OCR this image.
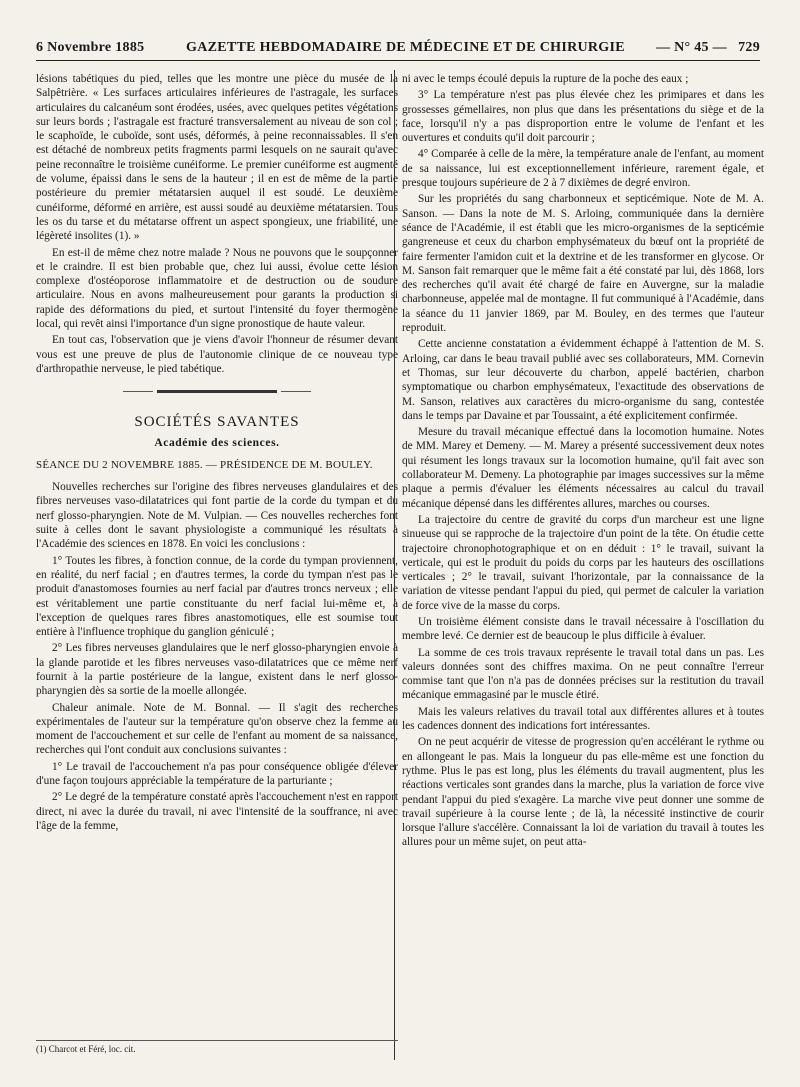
6 Novembre 1885	GAZETTE HEBDOMADAIRE DE MÉDECINE ET DE CHIRURGIE — N° 45 — 729

lésions tabétiques du pied, telles que les montre une pièce du musée de la Salpêtrière. « Les surfaces articulaires inférieures de l'astragale, les surfaces articulaires du calcanéum sont érodées, usées, avec quelques petites végétations sur leurs bords ; l'astragale est fracturé transversalement au niveau de son col ; le scaphoïde, le cuboïde, sont usés, déformés, à peine reconnaissables. Il s'en est détaché de nombreux petits fragments parmi lesquels on ne saurait qu'avec peine reconnaître le troisième cunéiforme. Le premier cunéiforme est augmenté de volume, épaissi dans le sens de la hauteur ; il en est de même de la partie postérieure du premier métatarsien auquel il est soudé. Le deuxième cunéiforme, déformé en arrière, est aussi soudé au deuxième métatarsien. Tous les os du tarse et du métatarse offrent un aspect spongieux, une friabilité, une légèreté insolites (1). »

En est-il de même chez notre malade ? Nous ne pouvons que le soupçonner et le craindre. Il est bien probable que, chez lui aussi, évolue cette lésion complexe d'ostéoporose inflammatoire et de destruction ou de soudure articulaire. Nous en avons malheureusement pour garants la production si rapide des déformations du pied, et surtout l'intensité du foyer thermogène local, qui revêt ainsi l'importance d'un signe pronostique de haute valeur.

En tout cas, l'observation que je viens d'avoir l'honneur de résumer devant vous est une preuve de plus de l'autonomie clinique de ce nouveau type d'arthropathie nerveuse, le pied tabétique.

SOCIÉTÉS SAVANTES
Académie des sciences.

SÉANCE DU 2 NOVEMBRE 1885. — PRÉSIDENCE DE M. BOULEY.

Nouvelles recherches sur l'origine des fibres nerveuses glandulaires et des fibres nerveuses vaso-dilatatrices qui font partie de la corde du tympan et du nerf glosso-pharyngien. Note de M. Vulpian. — Ces nouvelles recherches font suite à celles dont le savant physiologiste a communiqué les résultats à l'Académie des sciences en 1878. En voici les conclusions :

1° Toutes les fibres, à fonction connue, de la corde du tympan proviennent, en réalité, du nerf facial ; en d'autres termes, la corde du tympan n'est pas le produit d'anastomoses fournies au nerf facial par d'autres troncs nerveux ; elle est véritablement une partie constituante du nerf facial lui-même et, à l'exception de quelques rares fibres anastomotiques, elle est soumise tout entière à l'influence trophique du ganglion géniculé ;

2° Les fibres nerveuses glandulaires que le nerf glosso-pharyngien envoie à la glande parotide et les fibres nerveuses vaso-dilatatrices que ce même nerf fournit à la partie postérieure de la langue, existent dans le nerf glosso-pharyngien dès sa sortie de la moelle allongée.

Chaleur animale. Note de M. Bonnal. — Il s'agit des recherches expérimentales de l'auteur sur la température qu'on observe chez la femme au moment de l'accouchement et sur celle de l'enfant au moment de sa naissance, recherches qui l'ont conduit aux conclusions suivantes :

1° Le travail de l'accouchement n'a pas pour conséquence obligée d'élever d'une façon toujours appréciable la température de la parturiante ;

2° Le degré de la température constaté après l'accouchement n'est en rapport direct, ni avec la durée du travail, ni avec l'intensité de la souffrance, ni avec l'âge de la femme,

ni avec le temps écoulé depuis la rupture de la poche des eaux ;

3° La température n'est pas plus élevée chez les primipares et dans les grossesses gémellaires, non plus que dans les présentations du siège et de la face, lorsqu'il n'y a pas disproportion entre le volume de l'enfant et les ouvertures et conduits qu'il doit parcourir ;

4° Comparée à celle de la mère, la température anale de l'enfant, au moment de sa naissance, lui est exceptionnellement inférieure, rarement égale, et presque toujours supérieure de 2 à 7 dixièmes de degré environ.

Sur les propriétés du sang charbonneux et septicémique. Note de M. A. Sanson. — Dans la note de M. S. Arloing, communiquée dans la dernière séance de l'Académie, il est établi que les micro-organismes de la septicémie gangreneuse et ceux du charbon emphysémateux du bœuf ont la propriété de faire fermenter l'amidon cuit et la dextrine et de les transformer en glycose. Or M. Sanson fait remarquer que le même fait a été constaté par lui, dès 1868, lors des recherches qu'il avait été chargé de faire en Auvergne, sur la maladie charbonneuse, appelée mal de montagne. Il fut communiqué à l'Académie, dans la séance du 11 janvier 1869, par M. Bouley, en des termes que l'auteur reproduit.

Cette ancienne constatation a évidemment échappé à l'attention de M. S. Arloing, car dans le beau travail publié avec ses collaborateurs, MM. Cornevin et Thomas, sur leur découverte du charbon, appelé bactérien, charbon symptomatique ou charbon emphysémateux, l'exactitude des observations de M. Sanson, relatives aux caractères du micro-organisme du sang, contestée dans le temps par Davaine et par Toussaint, a été explicitement confirmée.

Mesure du travail mécanique effectué dans la locomotion humaine. Notes de MM. Marey et Demeny. — M. Marey a présenté successivement deux notes qui résument les longs travaux sur la locomotion humaine, qu'il fait avec son collaborateur M. Demeny. La photographie par images successives sur la même plaque a permis d'évaluer les éléments nécessaires au calcul du travail mécanique dépensé dans les différentes allures, marches ou courses.

La trajectoire du centre de gravité du corps d'un marcheur est une ligne sinueuse qui se rapproche de la trajectoire d'un point de la tête. On étudie cette trajectoire chronophotographique et on en déduit : 1° le travail, suivant la verticale, qui est le produit du poids du corps par les hauteurs des oscillations verticales ; 2° le travail, suivant l'horizontale, par la connaissance de la variation de vitesse pendant l'appui du pied, qui permet de calculer la variation de force vive de la masse du corps.

Un troisième élément consiste dans le travail nécessaire à l'oscillation du membre levé. Ce dernier est de beaucoup le plus difficile à évaluer.

La somme de ces trois travaux représente le travail total dans un pas. Les valeurs données sont des chiffres maxima. On ne peut connaître l'erreur commise tant que l'on n'a pas de données précises sur la restitution du travail mécanique emmagasiné par le muscle étiré.

Mais les valeurs relatives du travail total aux différentes allures et à toutes les cadences donnent des indications fort intéressantes.

On ne peut acquérir de vitesse de progression qu'en accélérant le rythme ou en allongeant le pas. Mais la longueur du pas elle-même est une fonction du rythme. Plus le pas est long, plus les éléments du travail augmentent, plus les réactions verticales sont grandes dans la marche, plus la variation de force vive pendant l'appui du pied s'exagère. La marche vive peut donner une somme de travail supérieure à la course lente ; de là, la nécessité instinctive de courir lorsque l'allure s'accélère. Connaissant la loi de variation du travail à toutes les allures pour un même sujet, on peut atta-

(1) Charcot et Féré, loc. cit.
